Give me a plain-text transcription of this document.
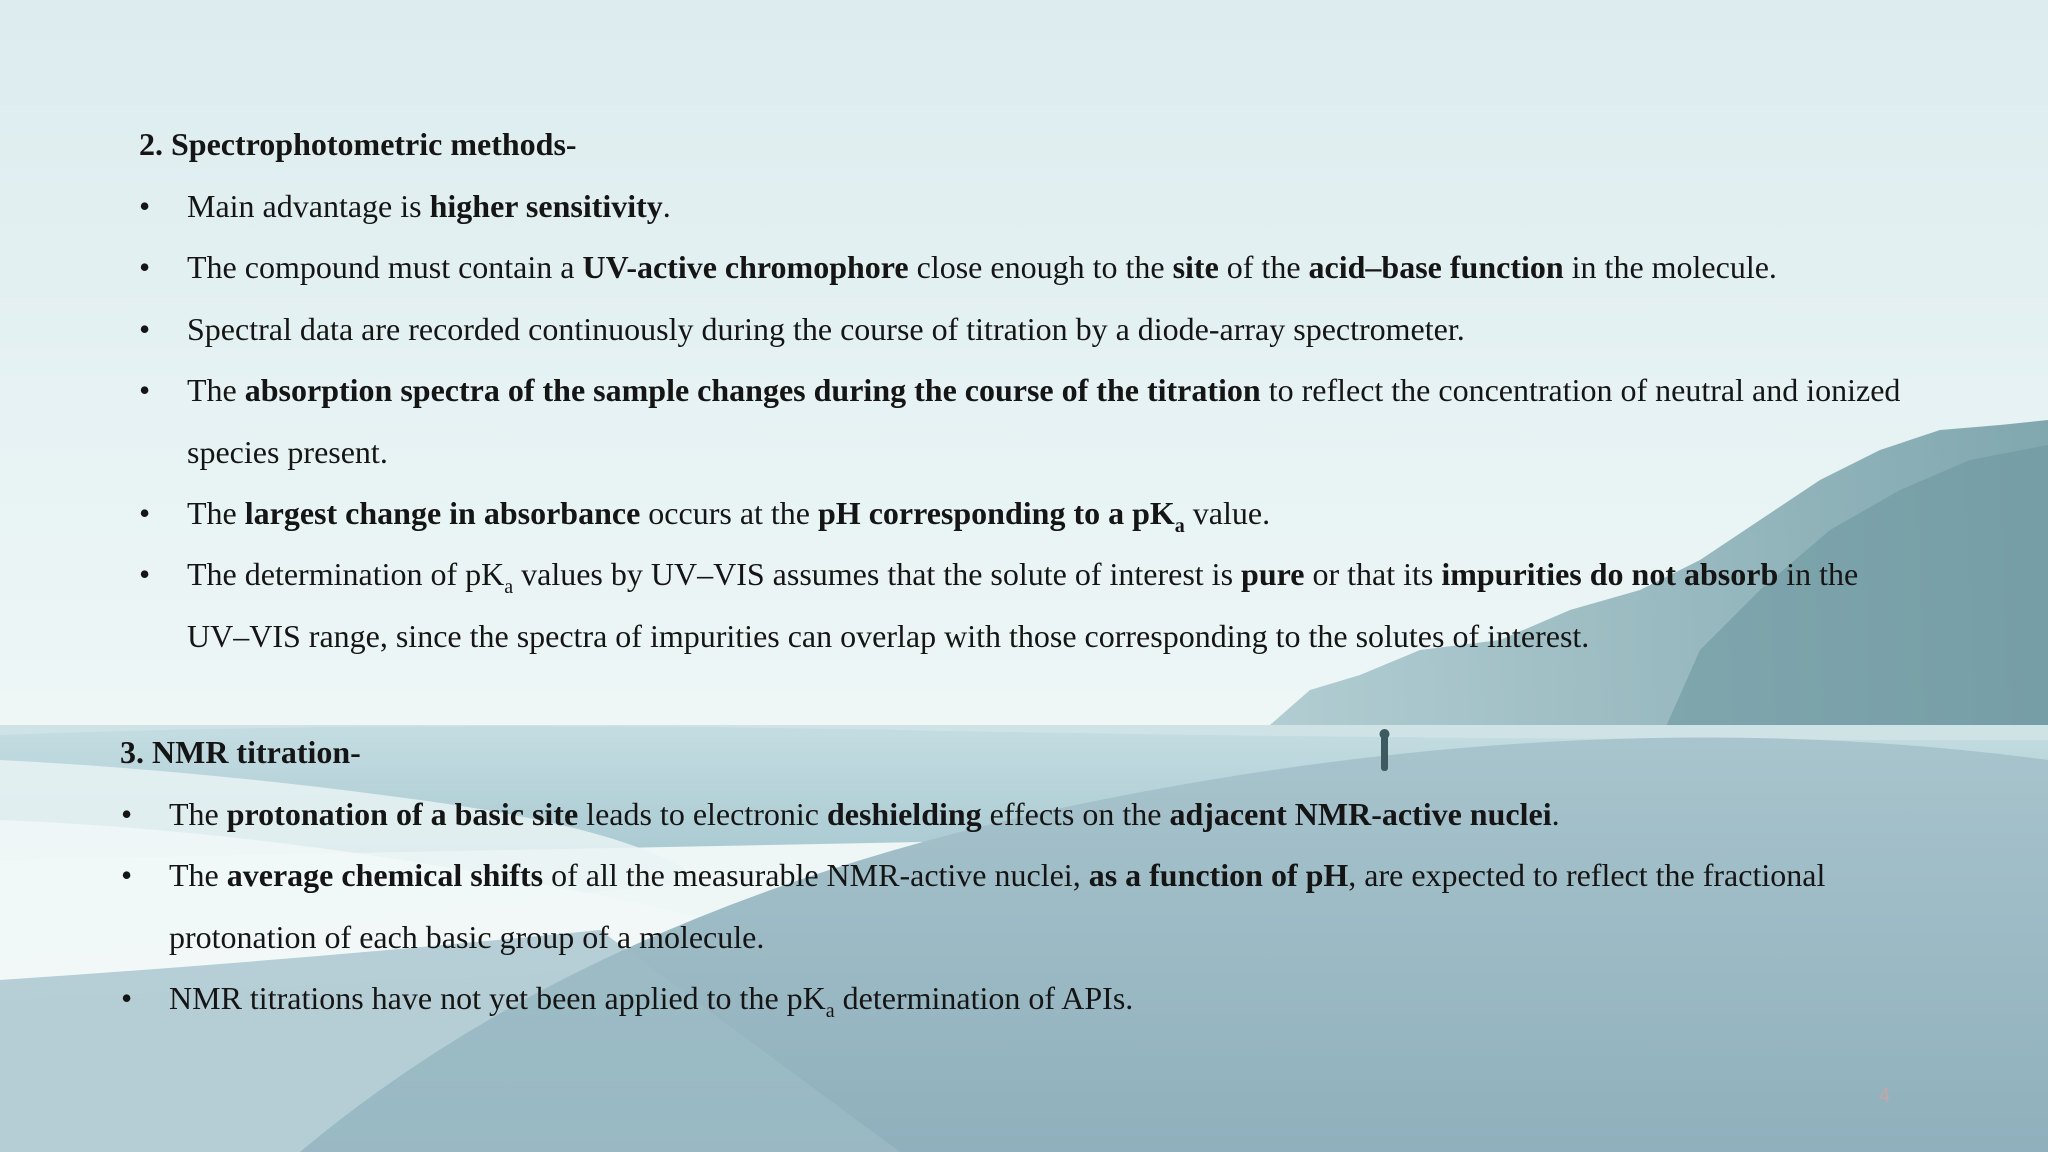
2. Spectrophotometric methods-

•	Main advantage is higher sensitivity.
•	The compound must contain a UV-active chromophore close enough to the site of the acid–base function in the molecule.
•	Spectral data are recorded continuously during the course of titration by a diode-array spectrometer.
•	The absorption spectra of the sample changes during the course of the titration to reflect the concentration of neutral and ionized species present.
•	The largest change in absorbance occurs at the pH corresponding to a $pK_a$ value.
•	The determination of $pK_a$ values by UV–VIS assumes that the solute of interest is pure or that its impurities do not absorb in the UV–VIS range, since the spectra of impurities can overlap with those corresponding to the solutes of interest.

3. NMR titration-

•	The protonation of a basic site leads to electronic deshielding effects on the adjacent NMR-active nuclei.
•	The average chemical shifts of all the measurable NMR-active nuclei, as a function of pH, are expected to reflect the fractional protonation of each basic group of a molecule.
•	NMR titrations have not yet been applied to the $pK_a$ determination of APIs.
4
